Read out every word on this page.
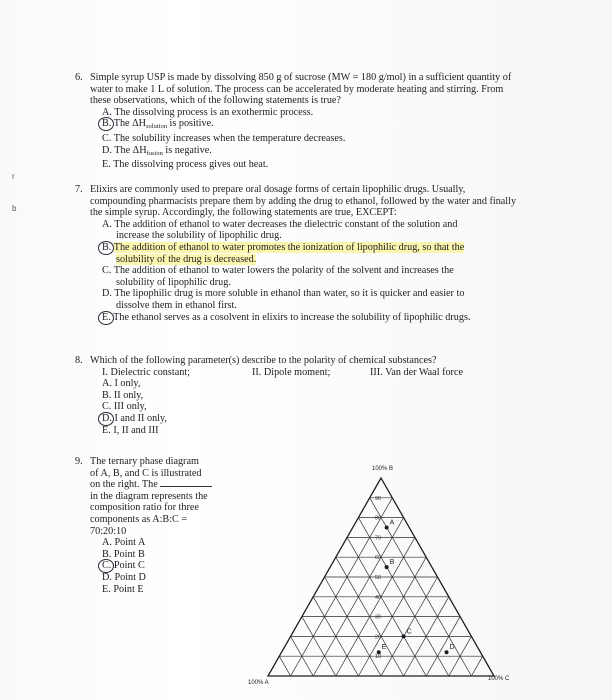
6. Simple syrup USP is made by dissolving 850 g of sucrose (MW = 180 g/mol) in a sufficient quantity of water to make 1 L of solution. The process can be accelerated by moderate heating and stirring. From these observations, which of the following statements is true?
A. The dissolving process is an exothermic process.
B. The $\Delta H_{solution}$ is positive.
C. The solubility increases when the temperature decreases.
D. The $\Delta H_{fusion}$ is negative.
E. The dissolving process gives out heat.
r
b
7. Elixirs are commonly used to prepare oral dosage forms of certain lipophilic drugs. Usually, compounding pharmacists prepare them by adding the drug to ethanol, followed by the water and finally the simple syrup. Accordingly, the following statements are true, EXCEPT:
A. The addition of ethanol to water decreases the dielectric constant of the solution and
increase the solubility of lipophilic drug.
B. The addition of ethanol to water promotes the ionization of lipophilic drug, so that the
solubility of the drug is decreased.
C. The addition of ethanol to water lowers the polarity of the solvent and increases the
solubility of lipophilic drug.
D. The lipophilic drug is more soluble in ethanol than water, so it is quicker and easier to
dissolve them in ethanol first.
E. The ethanol serves as a cosolvent in elixirs to increase the solubility of lipophilic drugs.
8. Which of the following parameter(s) describe to the polarity of chemical substances?
I. Dielectric constant;	II. Dipole moment;	III. Van der Waal force
A. I only,
B. II only,
C. III only,
D. I and II only,
E. I, II and III
9. The ternary phase diagram
of A, B, and C is illustrated
on the right. The
in the diagram represents the
composition ratio for three
components as A:B:C =
70:20:10
A. Point A
B. Point B
C. Point C
D. Point D
E. Point E
90
80
70
60
50
40
30
20
10
A
B
C
D
E
100% B
100% A
100% C
